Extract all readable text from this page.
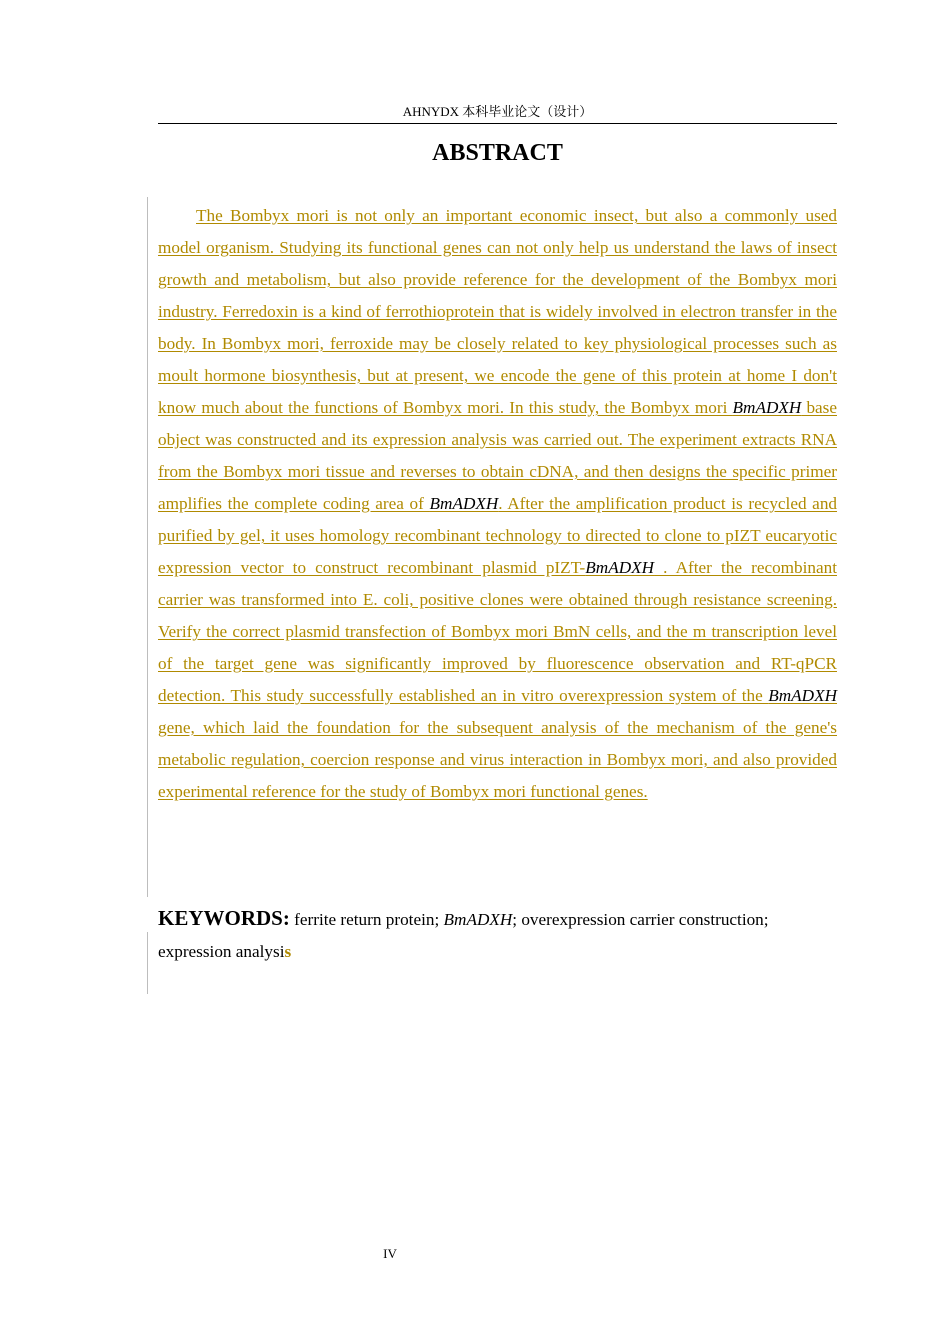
AHNYDX 本科毕业论文（设计）
ABSTRACT

The Bombyx mori is not only an important economic insect, but also a commonly used model organism. Studying its functional genes can not only help us understand the laws of insect growth and metabolism, but also provide reference for the development of the Bombyx mori industry. Ferredoxin is a kind of ferrothioprotein that is widely involved in electron transfer in the body. In Bombyx mori, ferroxide may be closely related to key physiological processes such as moult hormone biosynthesis, but at present, we encode the gene of this protein at home I don't know much about the functions of Bombyx mori. In this study, the Bombyx mori BmADXH base object was constructed and its expression analysis was carried out. The experiment extracts RNA from the Bombyx mori tissue and reverses to obtain cDNA, and then designs the specific primer amplifies the complete coding area of BmADXH. After the amplification product is recycled and purified by gel, it uses homology recombinant technology to directed to clone to pIZT eucaryotic expression vector to construct recombinant plasmid pIZT-BmADXH . After the recombinant carrier was transformed into E. coli, positive clones were obtained through resistance screening. Verify the correct plasmid transfection of Bombyx mori BmN cells, and the m transcription level of the target gene was significantly improved by fluorescence observation and RT-qPCR detection. This study successfully established an in vitro overexpression system of the BmADXH gene, which laid the foundation for the subsequent analysis of the mechanism of the gene's metabolic regulation, coercion response and virus interaction in Bombyx mori, and also provided experimental reference for the study of Bombyx mori functional genes.

KEYWORDS: ferrite return protein; BmADXH; overexpression carrier construction; expression analysis

IV
